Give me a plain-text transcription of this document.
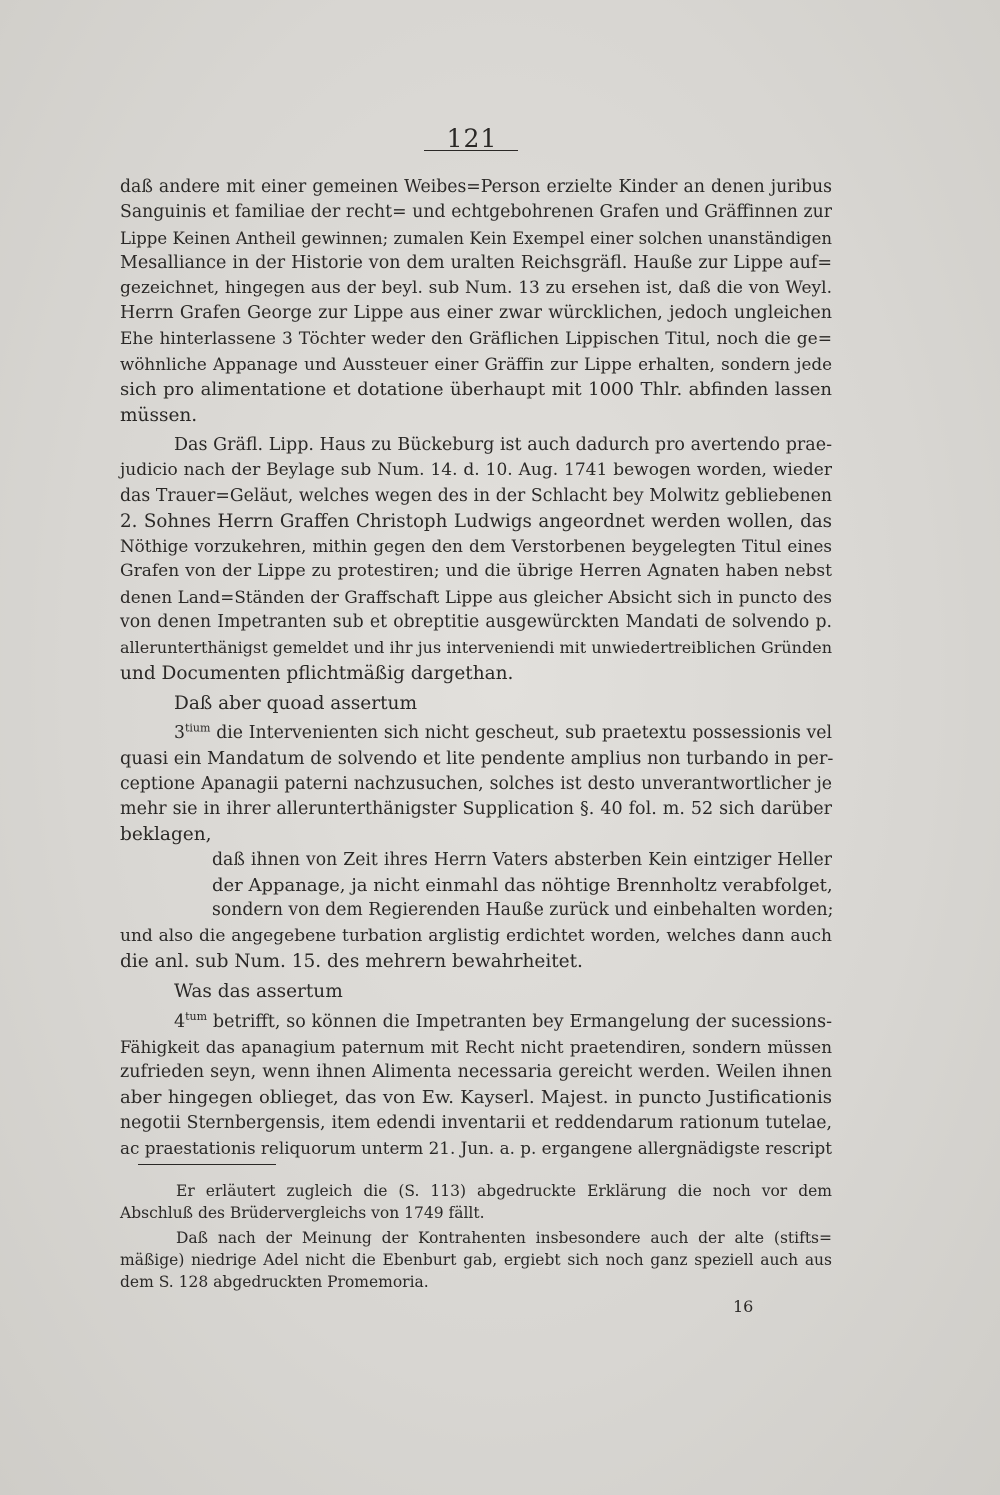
121
daß andere mit einer gemeinen Weibes=Person erzielte Kinder an denen juribus
Sanguinis et familiae der recht= und echtgebohrenen Grafen und Gräffinnen zur
Lippe Keinen Antheil gewinnen; zumalen Kein Exempel einer solchen unanständigen
Mesalliance in der Historie von dem uralten Reichsgräfl. Hauße zur Lippe auf=
gezeichnet, hingegen aus der beyl. sub Num. 13 zu ersehen ist, daß die von Weyl.
Herrn Grafen George zur Lippe aus einer zwar würcklichen, jedoch ungleichen
Ehe hinterlassene 3 Töchter weder den Gräflichen Lippischen Titul, noch die ge=
wöhnliche Appanage und Aussteuer einer Gräffin zur Lippe erhalten, sondern jede
sich pro alimentatione et dotatione überhaupt mit 1000 Thlr. abfinden lassen
müssen.
Das Gräfl. Lipp. Haus zu Bückeburg ist auch dadurch pro avertendo prae-
judicio nach der Beylage sub Num. 14. d. 10. Aug. 1741 bewogen worden, wieder
das Trauer=Geläut, welches wegen des in der Schlacht bey Molwitz gebliebenen
2. Sohnes Herrn Graffen Christoph Ludwigs angeordnet werden wollen, das
Nöthige vorzukehren, mithin gegen den dem Verstorbenen beygelegten Titul eines
Grafen von der Lippe zu protestiren; und die übrige Herren Agnaten haben nebst
denen Land=Ständen der Graffschaft Lippe aus gleicher Absicht sich in puncto des
von denen Impetranten sub et obreptitie ausgewürckten Mandati de solvendo p.
allerunterthänigst gemeldet und ihr jus interveniendi mit unwiedertreiblichen Gründen
und Documenten pflichtmäßig dargethan.
Daß aber quoad assertum
$3^{tium}$ die Intervenienten sich nicht gescheut, sub praetextu possessionis vel
quasi ein Mandatum de solvendo et lite pendente amplius non turbando in per-
ceptione Apanagii paterni nachzusuchen, solches ist desto unverantwortlicher je
mehr sie in ihrer allerunterthänigster Supplication §. 40 fol. m. 52 sich darüber
beklagen,
daß ihnen von Zeit ihres Herrn Vaters absterben Kein eintziger Heller
der Appanage, ja nicht einmahl das nöhtige Brennholtz verabfolget,
sondern von dem Regierenden Hauße zurück und einbehalten worden;
und also die angegebene turbation arglistig erdichtet worden, welches dann auch
die anl. sub Num. 15. des mehrern bewahrheitet.
Was das assertum
$4^{tum}$ betrifft, so können die Impetranten bey Ermangelung der sucessions-
Fähigkeit das apanagium paternum mit Recht nicht praetendiren, sondern müssen
zufrieden seyn, wenn ihnen Alimenta necessaria gereicht werden. Weilen ihnen
aber hingegen oblieget, das von Ew. Kayserl. Majest. in puncto Justificationis
negotii Sternbergensis, item edendi inventarii et reddendarum rationum tutelae,
ac praestationis reliquorum unterm 21. Jun. a. p. ergangene allergnädigste rescript
Er erläutert zugleich die (S. 113) abgedruckte Erklärung die noch vor dem
Abschluß des Brüdervergleichs von 1749 fällt.
Daß nach der Meinung der Kontrahenten insbesondere auch der alte (stifts=
mäßige) niedrige Adel nicht die Ebenburt gab, ergiebt sich noch ganz speziell auch aus
dem S. 128 abgedruckten Promemoria.
16
